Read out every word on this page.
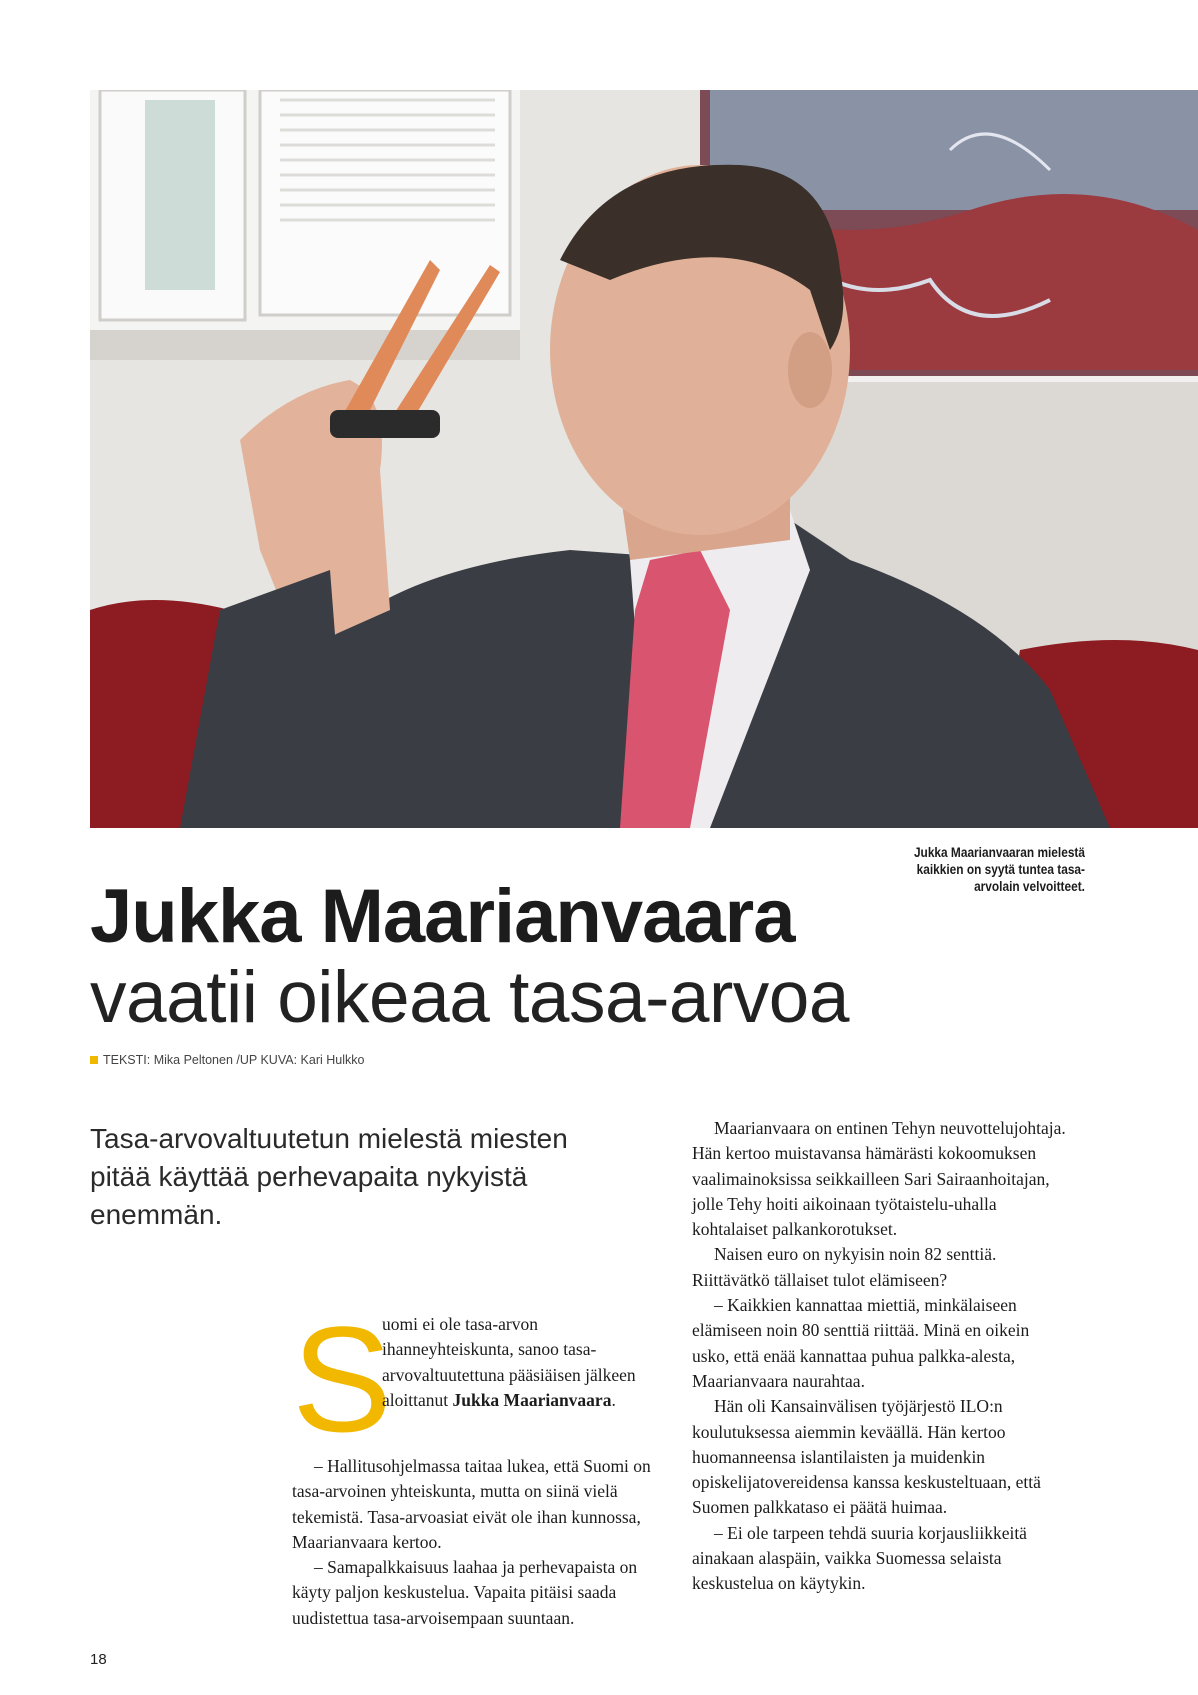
Jukka Maarianvaaran mielestä kaikkien on syytä tuntea tasa-arvolain velvoitteet.
Jukka Maarianvaara
vaatii oikeaa tasa-arvoa
TEKSTI: Mika Peltonen /UP KUVA: Kari Hulkko

Tasa-arvovaltuutetun mielestä miesten pitää käyttää perhevapaita nykyistä enemmän.

S
uomi ei ole tasa-arvon ihanneyhteiskunta, sanoo tasa-arvovaltuutettuna pääsiäisen jälkeen aloittanut Jukka Maarianvaara.

– Hallitusohjelmassa taitaa lukea, että Suomi on tasa-arvoinen yhteiskunta, mutta on siinä vielä tekemistä. Tasa-arvoasiat eivät ole ihan kunnossa, Maarianvaara kertoo.

– Samapalkkaisuus laahaa ja perhevapaista on käyty paljon keskustelua. Vapaita pitäisi saada uudistettua tasa-arvoisempaan suuntaan.

Maarianvaara on entinen Tehyn neuvottelujohtaja. Hän kertoo muistavansa hämärästi kokoomuksen vaalimainoksissa seikkailleen Sari Sairaanhoitajan, jolle Tehy hoiti aikoinaan työtaistelu-uhalla kohtalaiset palkankorotukset.

Naisen euro on nykyisin noin 82 senttiä. Riittävätkö tällaiset tulot elämiseen?

– Kaikkien kannattaa miettiä, minkälaiseen elämiseen noin 80 senttiä riittää. Minä en oikein usko, että enää kannattaa puhua palkka-alesta, Maarianvaara naurahtaa.

Hän oli Kansainvälisen työjärjestö ILO:n koulutuksessa aiemmin keväällä. Hän kertoo huomanneensa islantilaisten ja muidenkin opiskelijatovereidensa kanssa keskusteltuaan, että Suomen palkkataso ei päätä huimaa.

– Ei ole tarpeen tehdä suuria korjausliikkeitä ainakaan alaspäin, vaikka Suomessa selaista keskustelua on käytykin.

18
